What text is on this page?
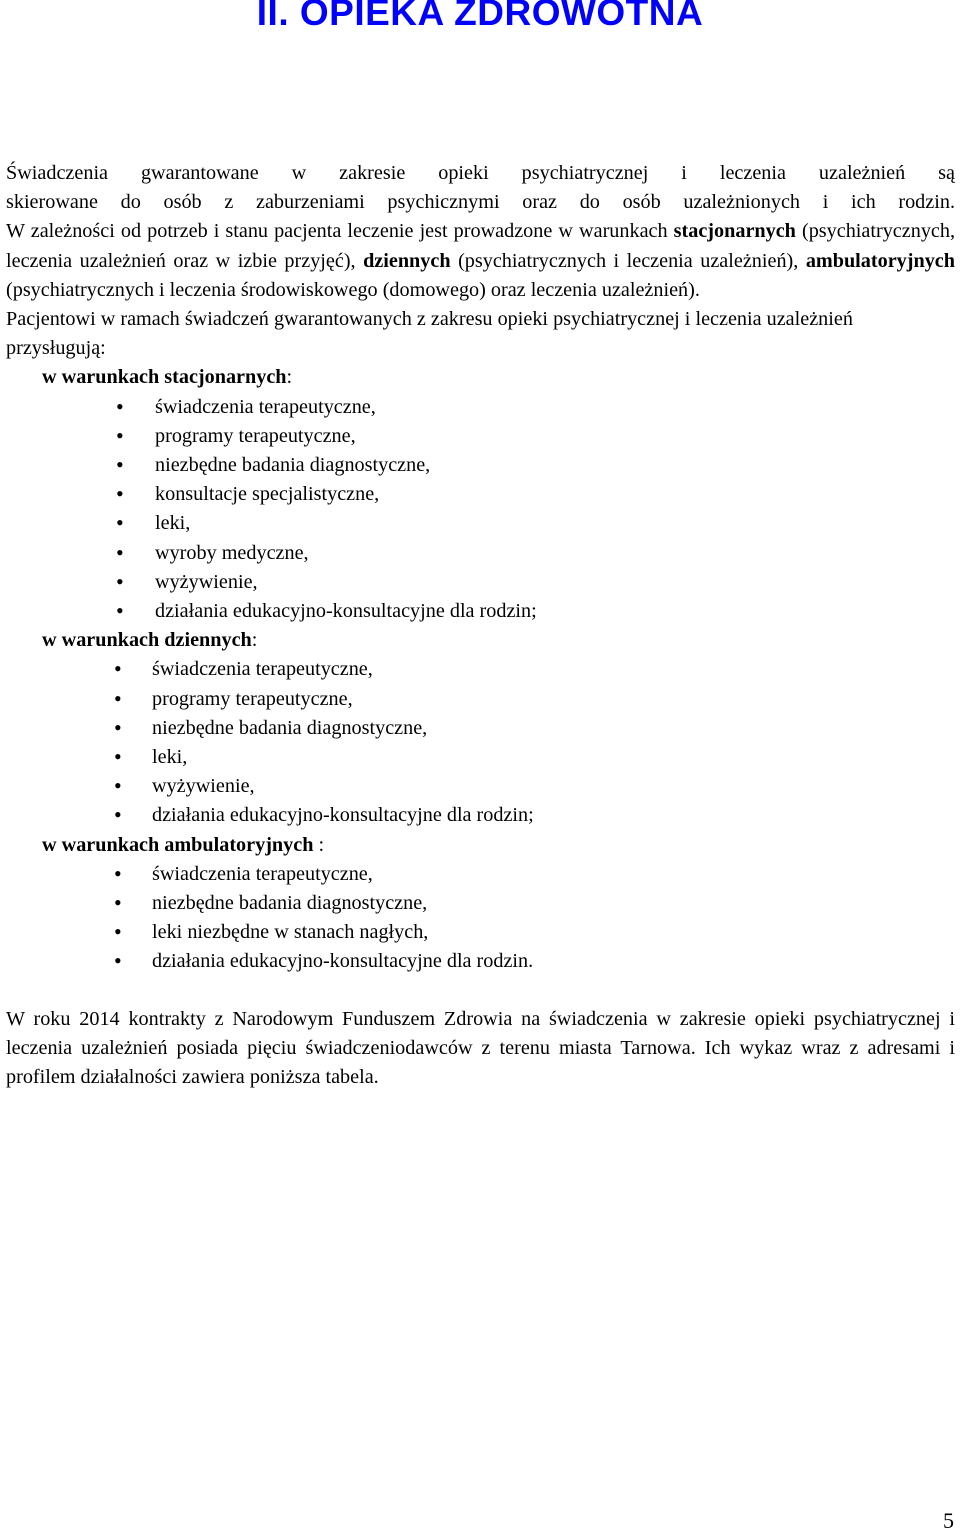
II. OPIEKA ZDROWOTNA

Świadczenia gwarantowane w zakresie opieki psychiatrycznej i leczenia uzależnień są

skierowane do osób z zaburzeniami psychicznymi oraz do osób uzależnionych i ich rodzin.

W zależności od potrzeb i stanu pacjenta leczenie jest prowadzone w warunkach stacjonarnych (psychiatrycznych, leczenia uzależnień oraz w izbie przyjęć), dziennych (psychiatrycznych i leczenia uzależnień), ambulatoryjnych (psychiatrycznych i leczenia środowiskowego (domowego) oraz leczenia uzależnień).

Pacjentowi w ramach świadczeń gwarantowanych z zakresu opieki psychiatrycznej i leczenia uzależnień przysługują:

w warunkach stacjonarnych:

• świadczenia terapeutyczne,
• programy terapeutyczne,
• niezbędne badania diagnostyczne,
• konsultacje specjalistyczne,
• leki,
• wyroby medyczne,
• wyżywienie,
• działania edukacyjno-konsultacyjne dla rodzin;

w warunkach dziennych:

• świadczenia terapeutyczne,
• programy terapeutyczne,
• niezbędne badania diagnostyczne,
• leki,
• wyżywienie,
• działania edukacyjno-konsultacyjne dla rodzin;

w warunkach ambulatoryjnych :

• świadczenia terapeutyczne,
• niezbędne badania diagnostyczne,
• leki niezbędne w stanach nagłych,
• działania edukacyjno-konsultacyjne dla rodzin.

W roku 2014 kontrakty z Narodowym Funduszem Zdrowia na świadczenia w zakresie opieki psychiatrycznej i leczenia uzależnień posiada pięciu świadczeniodawców z terenu miasta Tarnowa. Ich wykaz wraz z adresami i profilem działalności zawiera poniższa tabela.

5
